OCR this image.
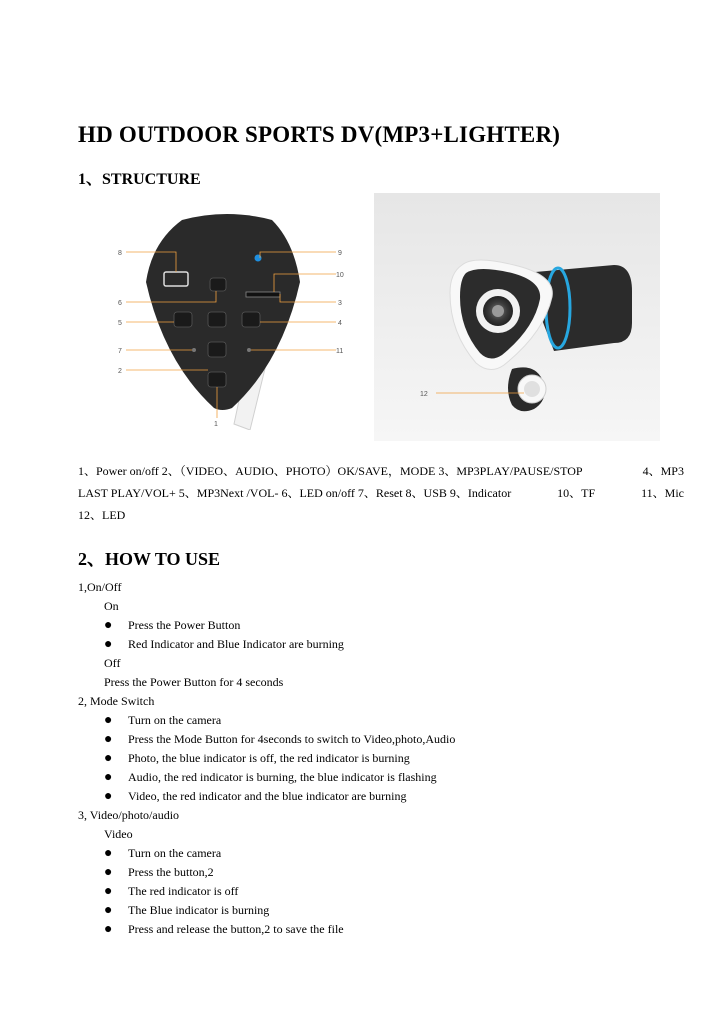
HD OUTDOOR SPORTS DV(MP3+LIGHTER)
1、STRUCTURE
8	9
10
6	3
5	4
7	11
2
1
12
1、Power on/off 2、（VIDEO、AUDIO、PHOTO）OK/SAVE，MODE 3、MP3PLAY/PAUSE/STOP	4、MP3
LAST PLAY/VOL+ 5、MP3Next /VOL- 6、LED on/off 7、Reset 8、USB 9、Indicator	10、TF	11、Mic
12、LED
2、HOW TO USE
1,On/Off
On
●	Press the Power Button
●	Red Indicator and Blue Indicator are burning
Off
Press the Power Button for 4 seconds
2, Mode Switch
●	Turn on the camera
●	Press the Mode Button for 4seconds to switch to Video,photo,Audio
●	Photo, the blue indicator is off, the red indicator is burning
●	Audio, the red indicator is burning, the blue indicator is flashing
●	Video, the red indicator and the blue indicator are burning
3, Video/photo/audio
Video
●	Turn on the camera
●	Press the button,2
●	The red indicator is off
●	The Blue indicator is burning
●	Press and release the button,2 to save the file
